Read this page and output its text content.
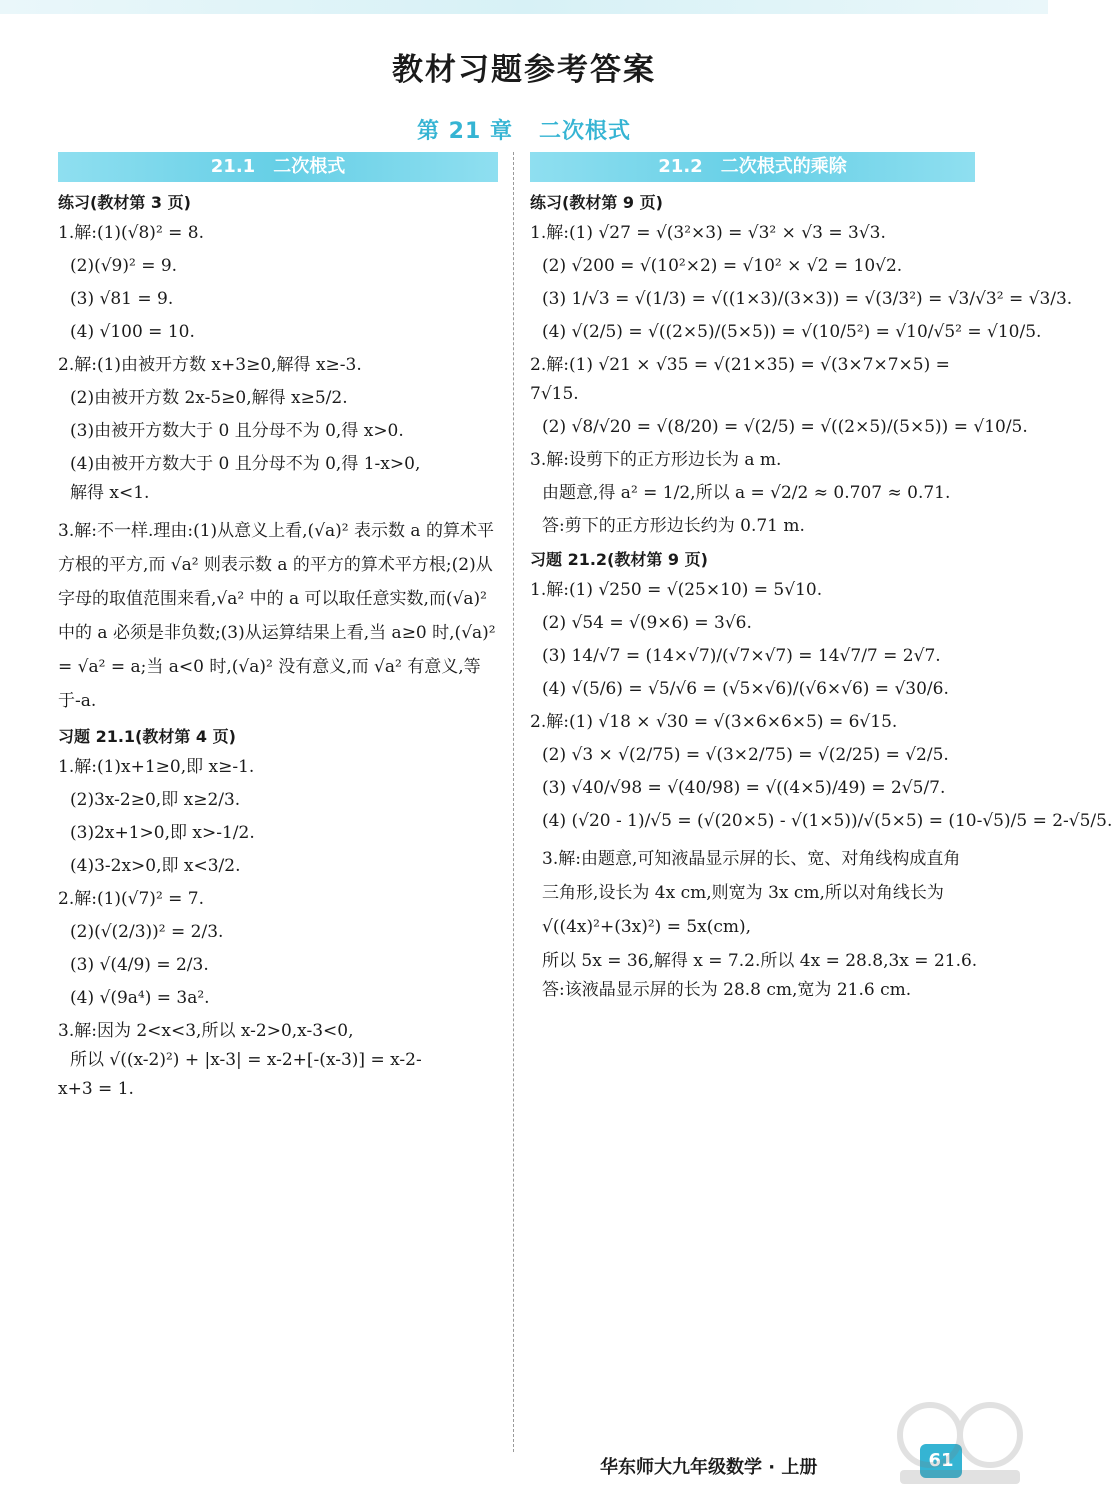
教材习题参考答案
第 21 章 二次根式
21.1　二次根式
练习(教材第 3 页)
1.解:(1)(√8)² = 8.
(2)(√9)² = 9.
(3) √81 = 9.
(4) √100 = 10.
2.解:(1)由被开方数 x+3≥0,解得 x≥-3.
(2)由被开方数 2x-5≥0,解得 x≥5/2.
(3)由被开方数大于 0 且分母不为 0,得 x>0.
(4)由被开方数大于 0 且分母不为 0,得 1-x>0,
解得 x<1.
3.解:不一样.理由:(1)从意义上看,(√a)² 表示数 a 的算术平方根的平方,而 √a² 则表示数 a 的平方的算术平方根;(2)从字母的取值范围来看,√a² 中的 a 可以取任意实数,而(√a)² 中的 a 必须是非负数;(3)从运算结果上看,当 a≥0 时,(√a)² = √a² = a;当 a<0 时,(√a)² 没有意义,而 √a² 有意义,等于-a.
习题 21.1(教材第 4 页)
1.解:(1)x+1≥0,即 x≥-1.
(2)3x-2≥0,即 x≥2/3.
(3)2x+1>0,即 x>-1/2.
(4)3-2x>0,即 x<3/2.
2.解:(1)(√7)² = 7.
(2)(√(2/3))² = 2/3.
(3) √(4/9) = 2/3.
(4) √(9a⁴) = 3a².
3.解:因为 2<x<3,所以 x-2>0,x-3<0,
所以 √((x-2)²) + |x-3| = x-2+[-(x-3)] = x-2-
x+3 = 1.
21.2　二次根式的乘除
练习(教材第 9 页)
1.解:(1) √27 = √(3²×3) = √3² × √3 = 3√3.
(2) √200 = √(10²×2) = √10² × √2 = 10√2.
(3) 1/√3 = √(1/3) = √((1×3)/(3×3)) = √(3/3²) = √3/√3² = √3/3.
(4) √(2/5) = √((2×5)/(5×5)) = √(10/5²) = √10/√5² = √10/5.
2.解:(1) √21 × √35 = √(21×35) = √(3×7×7×5) =
7√15.
(2) √8/√20 = √(8/20) = √(2/5) = √((2×5)/(5×5)) = √10/5.
3.解:设剪下的正方形边长为 a m.
由题意,得 a² = 1/2,所以 a = √2/2 ≈ 0.707 ≈ 0.71.
答:剪下的正方形边长约为 0.71 m.
习题 21.2(教材第 9 页)
1.解:(1) √250 = √(25×10) = 5√10.
(2) √54 = √(9×6) = 3√6.
(3) 14/√7 = (14×√7)/(√7×√7) = 14√7/7 = 2√7.
(4) √(5/6) = √5/√6 = (√5×√6)/(√6×√6) = √30/6.
2.解:(1) √18 × √30 = √(3×6×6×5) = 6√15.
(2) √3 × √(2/75) = √(3×2/75) = √(2/25) = √2/5.
(3) √40/√98 = √(40/98) = √((4×5)/49) = 2√5/7.
(4) (√20 - 1)/√5 = (√(20×5) - √(1×5))/√(5×5) = (10-√5)/5 = 2-√5/5.
3.解:由题意,可知液晶显示屏的长、宽、对角线构成直角三角形,设长为 4x cm,则宽为 3x cm,所以对角线长为 √((4x)²+(3x)²) = 5x(cm),
所以 5x = 36,解得 x = 7.2.所以 4x = 28.8,3x = 21.6.
答:该液晶显示屏的长为 28.8 cm,宽为 21.6 cm.
华东师大九年级数学 · 上册	61
